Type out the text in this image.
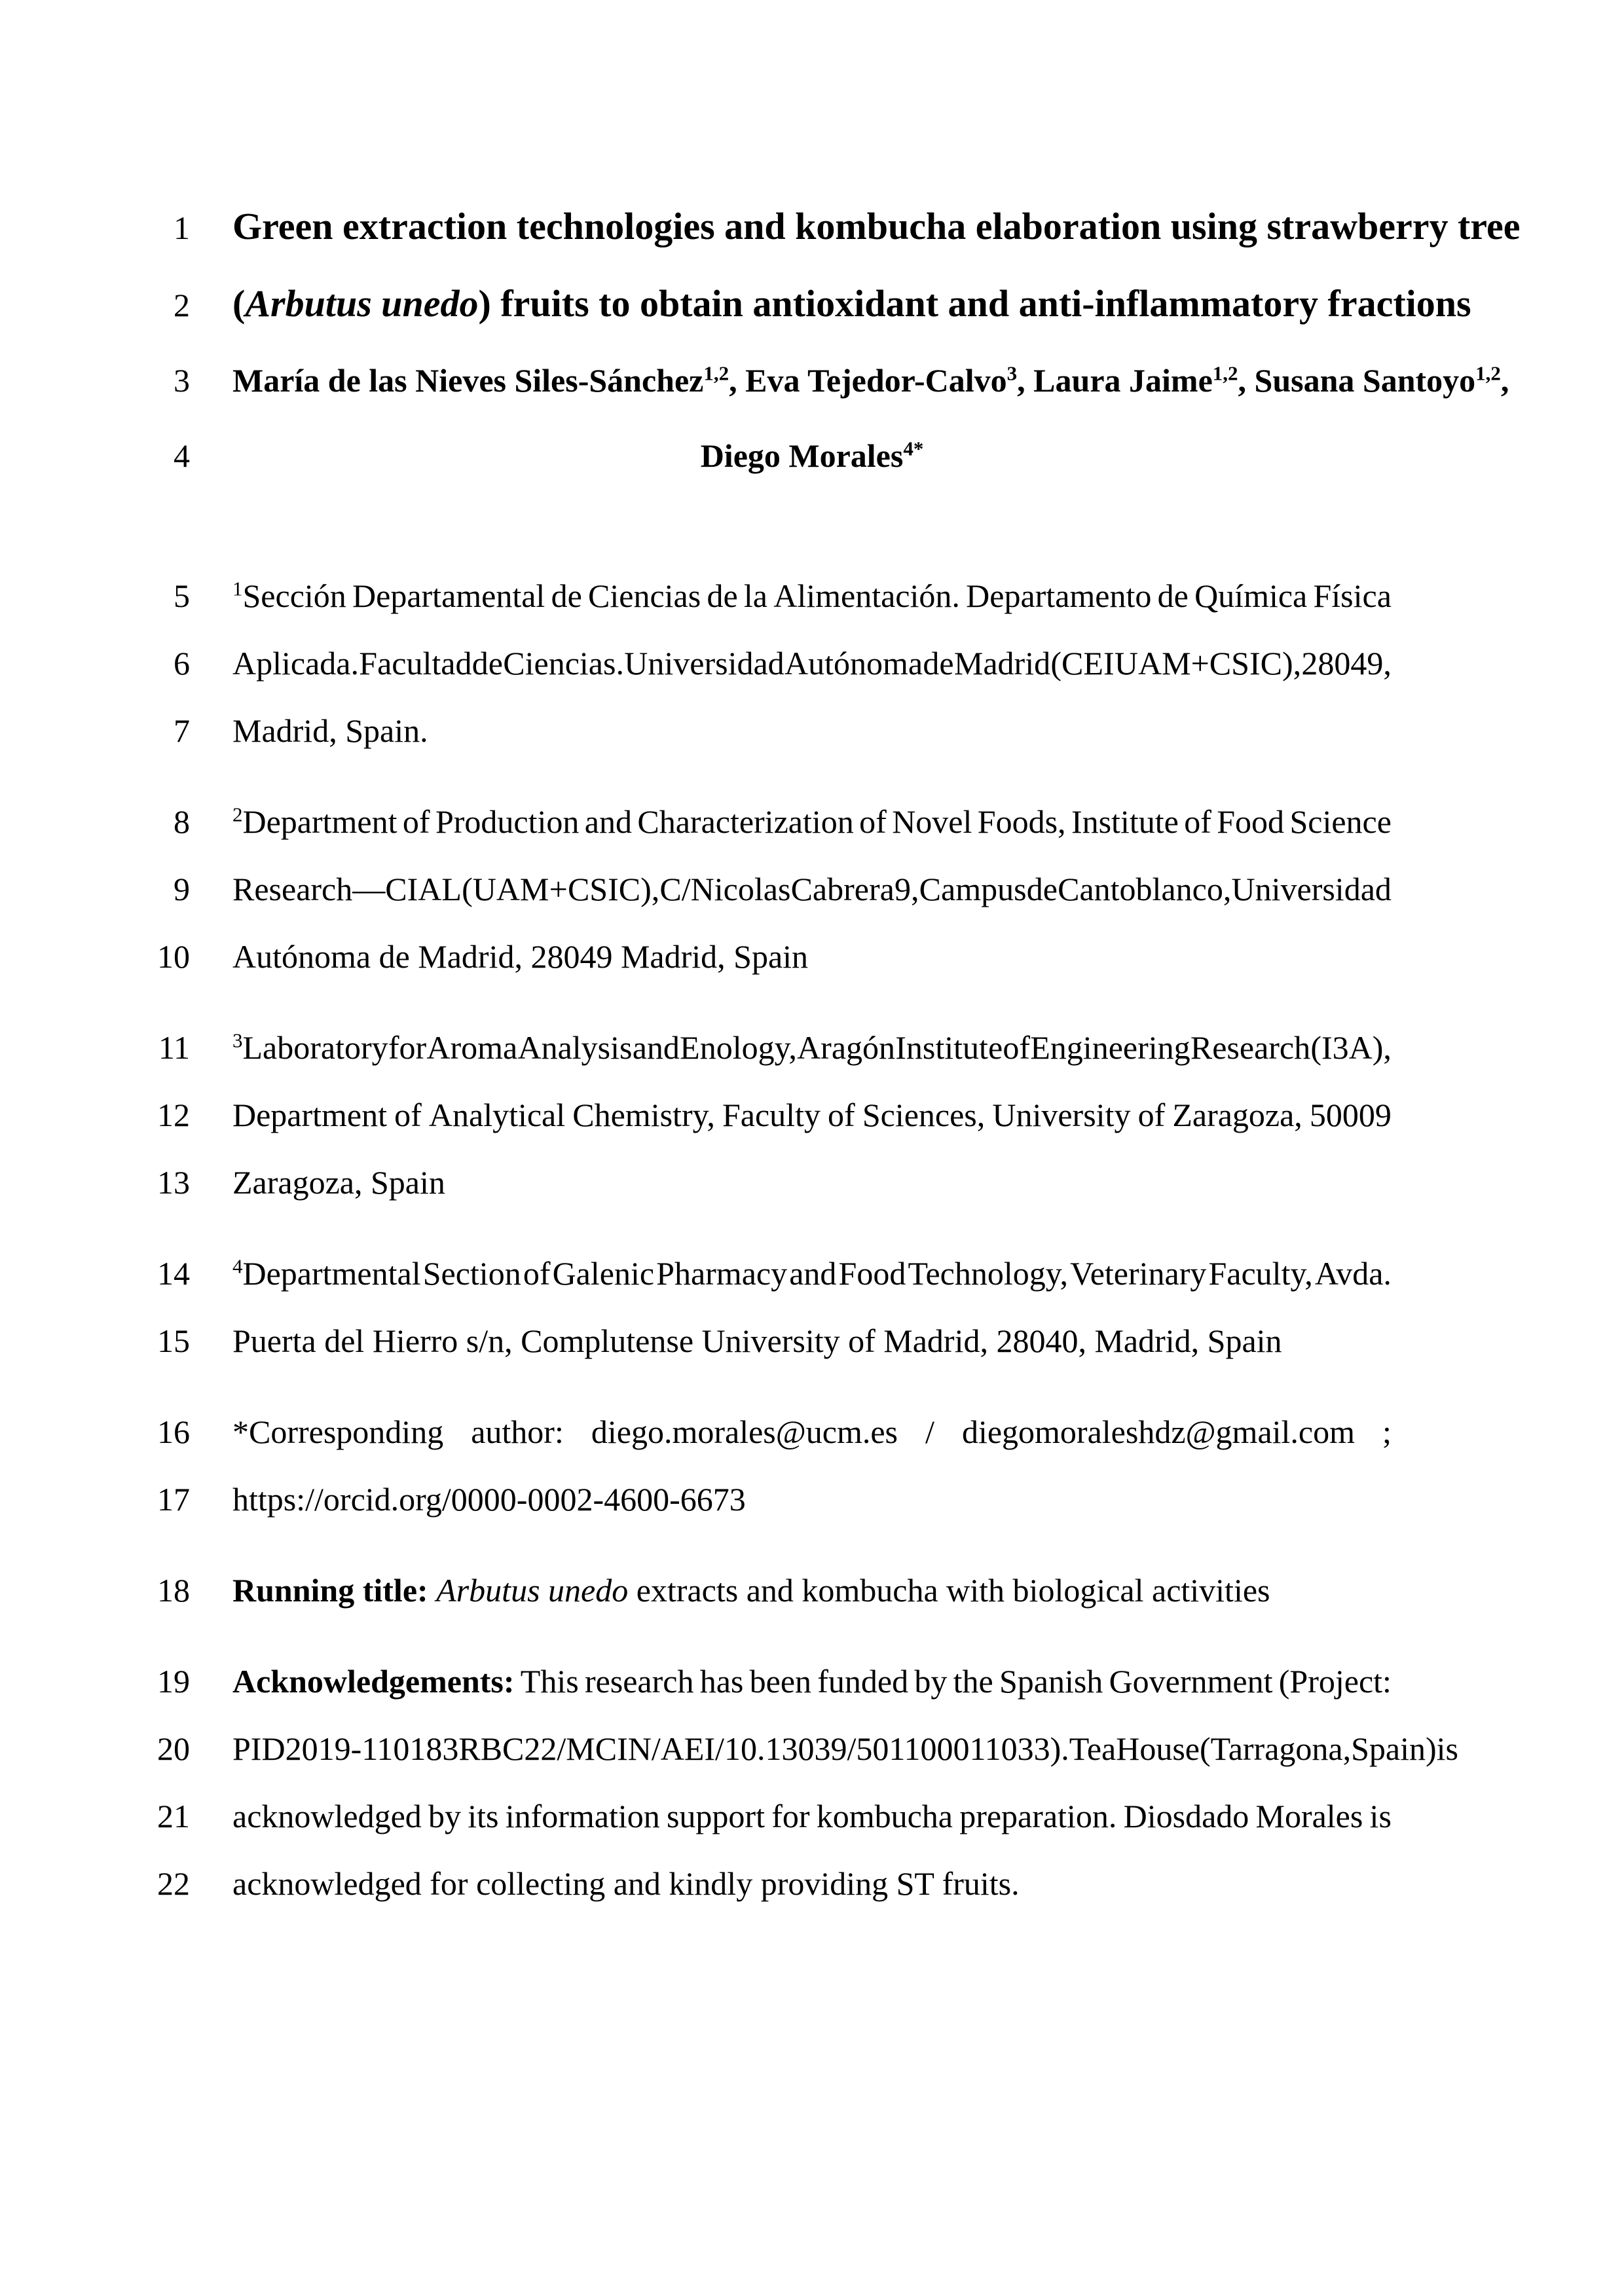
1 Green extraction technologies and kombucha elaboration using strawberry tree
2 (Arbutus unedo) fruits to obtain antioxidant and anti-inflammatory fractions
3 María de las Nieves Siles-Sánchez$^{1,2}$, Eva Tejedor-Calvo$^3$, Laura Jaime$^{1,2}$, Susana Santoyo$^{1,2}$,
4	Diego Morales$^{4*}$
5 $^1$Sección Departamental de Ciencias de la Alimentación. Departamento de Química Física
6 Aplicada. Facultad de Ciencias. Universidad Autónoma de Madrid (CEI UAM+CSIC), 28049,
7 Madrid, Spain.
8 $^2$Department of Production and Characterization of Novel Foods, Institute of Food Science
9 Research—CIAL (UAM + CSIC), C/Nicolas Cabrera 9, Campus de Cantoblanco, Universidad
10 Autónoma de Madrid, 28049 Madrid, Spain
11 $^3$Laboratory for Aroma Analysis and Enology, Aragón Institute of Engineering Research (I3A),
12 Department of Analytical Chemistry, Faculty of Sciences, University of Zaragoza, 50009
13 Zaragoza, Spain
14 $^4$Departmental Section of Galenic Pharmacy and Food Technology, Veterinary Faculty, Avda.
15 Puerta del Hierro s/n, Complutense University of Madrid, 28040, Madrid, Spain
16 *Corresponding author: diego.morales@ucm.es / diegomoraleshdz@gmail.com ;
17 https://orcid.org/0000-0002-4600-6673
18 Running title: Arbutus unedo extracts and kombucha with biological activities
19 Acknowledgements: This research has been funded by the Spanish Government (Project:
20 PID2019-110183RBC22/MCIN/AEI/10.13039/501100011033). Tea House (Tarragona, Spain) is
21 acknowledged by its information support for kombucha preparation. Diosdado Morales is
22 acknowledged for collecting and kindly providing ST fruits.
